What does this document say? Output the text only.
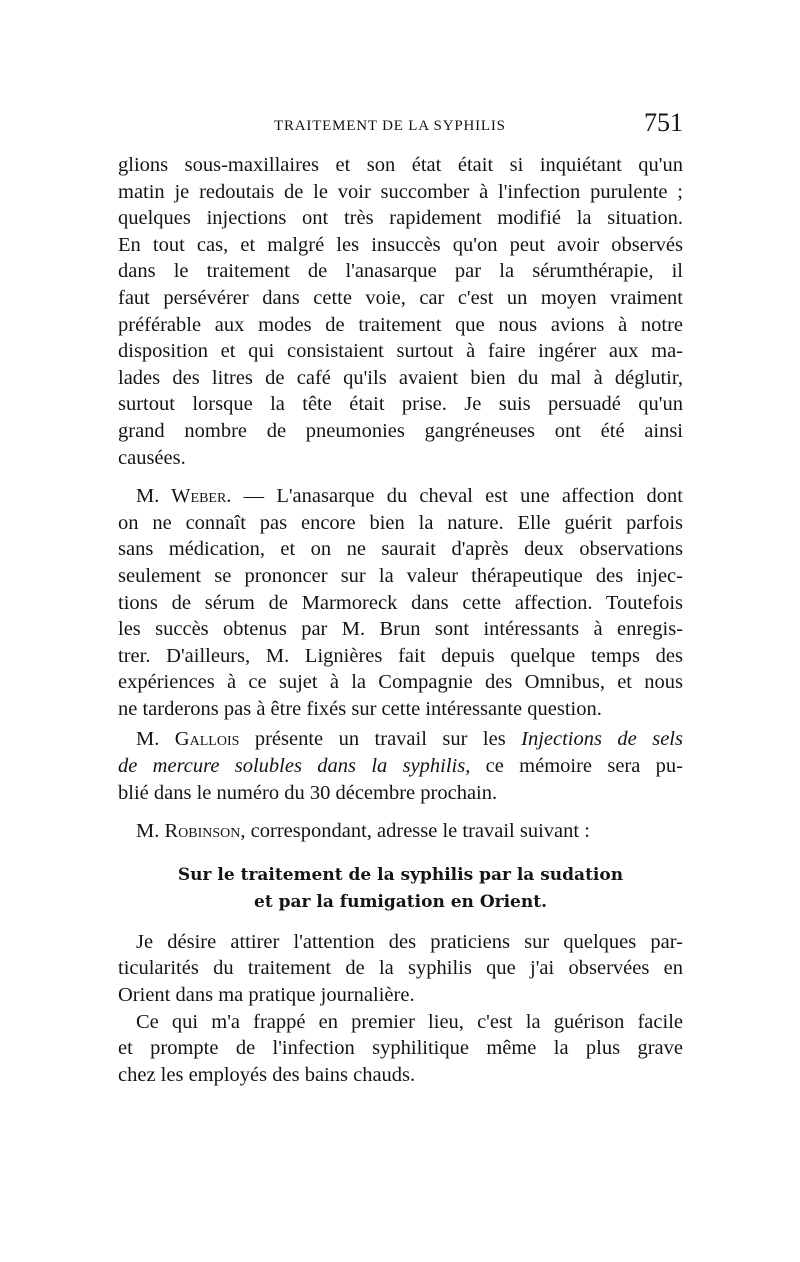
TRAITEMENT DE LA SYPHILIS	751
glions sous-maxillaires et son état était si inquiétant qu'un
matin je redoutais de le voir succomber à l'infection purulente ;
quelques injections ont très rapidement modifié la situation.
En tout cas, et malgré les insuccès qu'on peut avoir observés
dans le traitement de l'anasarque par la sérumthérapie, il
faut persévérer dans cette voie, car c'est un moyen vraiment
préférable aux modes de traitement que nous avions à notre
disposition et qui consistaient surtout à faire ingérer aux ma-
lades des litres de café qu'ils avaient bien du mal à déglutir,
surtout lorsque la tête était prise. Je suis persuadé qu'un
grand nombre de pneumonies gangréneuses ont été ainsi
causées.
M. Weber. — L'anasarque du cheval est une affection dont
on ne connaît pas encore bien la nature. Elle guérit parfois
sans médication, et on ne saurait d'après deux observations
seulement se prononcer sur la valeur thérapeutique des injec-
tions de sérum de Marmoreck dans cette affection. Toutefois
les succès obtenus par M. Brun sont intéressants à enregis-
trer. D'ailleurs, M. Lignières fait depuis quelque temps des
expériences à ce sujet à la Compagnie des Omnibus, et nous
ne tarderons pas à être fixés sur cette intéressante question.
M. Gallois présente un travail sur les Injections de sels
de mercure solubles dans la syphilis, ce mémoire sera pu-
blié dans le numéro du 30 décembre prochain.
M. Robinson, correspondant, adresse le travail suivant :
Sur le traitement de la syphilis par la sudation
et par la fumigation en Orient.
Je désire attirer l'attention des praticiens sur quelques par-
ticularités du traitement de la syphilis que j'ai observées en
Orient dans ma pratique journalière.
Ce qui m'a frappé en premier lieu, c'est la guérison facile
et prompte de l'infection syphilitique même la plus grave
chez les employés des bains chauds.
